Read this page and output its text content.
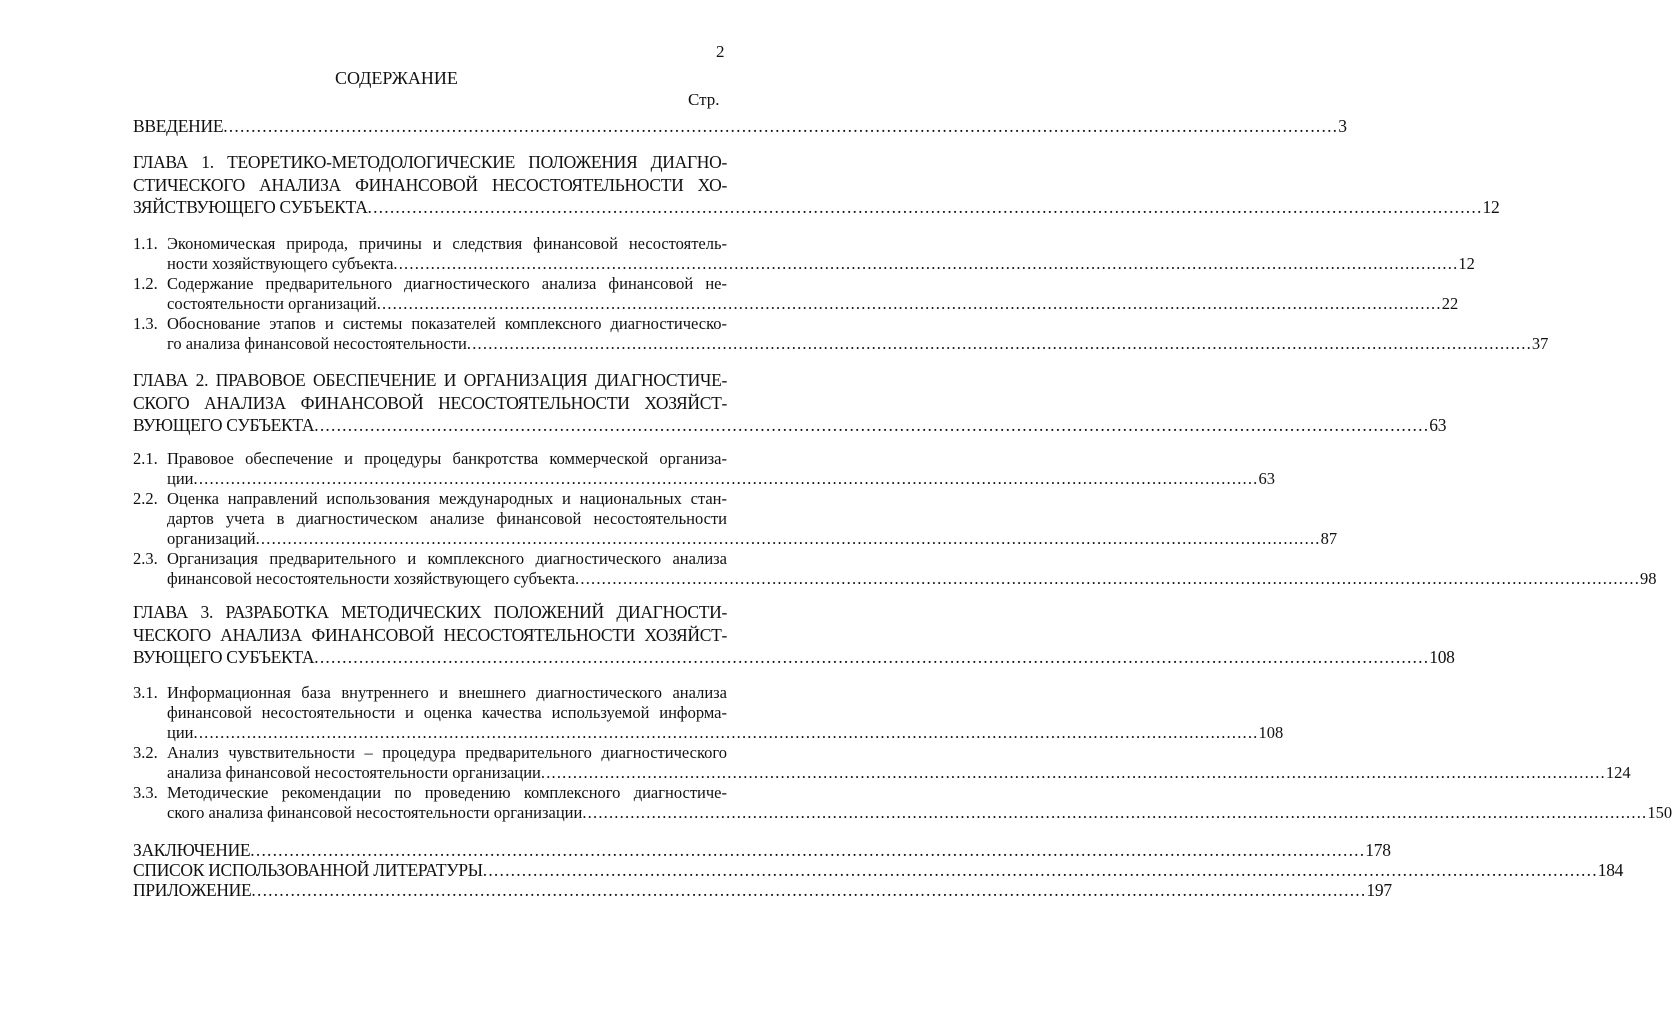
2
СОДЕРЖАНИЕ
Стр.
ВВЕДЕНИЕ ........................................................................................................................................................................................................ 3
ГЛАВА 1. ТЕОРЕТИКО-МЕТОДОЛОГИЧЕСКИЕ ПОЛОЖЕНИЯ ДИАГНО-
СТИЧЕСКОГО АНАЛИЗА ФИНАНСОВОЙ НЕСОСТОЯТЕЛЬНОСТИ ХО-
ЗЯЙСТВУЮЩЕГО СУБЪЕКТА ........................................................................................................................................................................................................ 12
1.1. Экономическая природа, причины и следствия финансовой несостоятель-
ности хозяйствующего субъекта ........................................................................................................................................................................................................ 12
1.2. Содержание предварительного диагностического анализа финансовой не-
состоятельности организаций ........................................................................................................................................................................................................ 22
1.3. Обоснование этапов и системы показателей комплексного диагностическо-
го анализа финансовой несостоятельности ........................................................................................................................................................................................................ 37
ГЛАВА 2. ПРАВОВОЕ ОБЕСПЕЧЕНИЕ И ОРГАНИЗАЦИЯ ДИАГНОСТИЧЕ-
СКОГО АНАЛИЗА ФИНАНСОВОЙ НЕСОСТОЯТЕЛЬНОСТИ ХОЗЯЙСТ-
ВУЮЩЕГО СУБЪЕКТА ........................................................................................................................................................................................................ 63
2.1. Правовое обеспечение и процедуры банкротства коммерческой организа-
ции ........................................................................................................................................................................................................ 63
2.2. Оценка направлений использования международных и национальных стан-
дартов учета в диагностическом анализе финансовой несостоятельности
организаций ........................................................................................................................................................................................................ 87
2.3. Организация предварительного и комплексного диагностического анализа
финансовой несостоятельности хозяйствующего субъекта ........................................................................................................................................................................................................ 98
ГЛАВА 3. РАЗРАБОТКА МЕТОДИЧЕСКИХ ПОЛОЖЕНИЙ ДИАГНОСТИ-
ЧЕСКОГО АНАЛИЗА ФИНАНСОВОЙ НЕСОСТОЯТЕЛЬНОСТИ ХОЗЯЙСТ-
ВУЮЩЕГО СУБЪЕКТА ........................................................................................................................................................................................................ 108
3.1. Информационная база внутреннего и внешнего диагностического анализа
финансовой несостоятельности и оценка качества используемой информа-
ции ........................................................................................................................................................................................................ 108
3.2. Анализ чувствительности – процедура предварительного диагностического
анализа финансовой несостоятельности организации ........................................................................................................................................................................................................ 124
3.3. Методические рекомендации по проведению комплексного диагностиче-
ского анализа финансовой несостоятельности организации ........................................................................................................................................................................................................ 150
ЗАКЛЮЧЕНИЕ ........................................................................................................................................................................................................ 178
СПИСОК ИСПОЛЬЗОВАННОЙ ЛИТЕРАТУРЫ ........................................................................................................................................................................................................ 184
ПРИЛОЖЕНИЕ ........................................................................................................................................................................................................ 197
